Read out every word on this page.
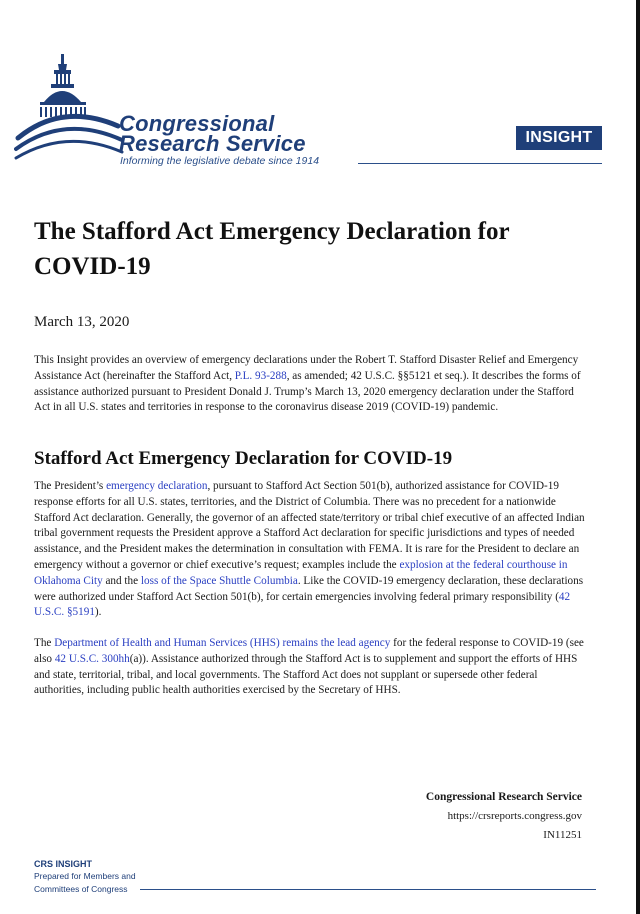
Congressional
Research Service
Informing the legislative debate since 1914
INSIGHT
The Stafford Act Emergency Declaration for COVID-19
March 13, 2020

This Insight provides an overview of emergency declarations under the Robert T. Stafford Disaster Relief and Emergency Assistance Act (hereinafter the Stafford Act, P.L. 93-288, as amended; 42 U.S.C. §§5121 et seq.). It describes the forms of assistance authorized pursuant to President Donald J. Trump’s March 13, 2020 emergency declaration under the Stafford Act in all U.S. states and territories in response to the coronavirus disease 2019 (COVID-19) pandemic.

Stafford Act Emergency Declaration for COVID-19

The President’s emergency declaration, pursuant to Stafford Act Section 501(b), authorized assistance for COVID-19 response efforts for all U.S. states, territories, and the District of Columbia. There was no precedent for a nationwide Stafford Act declaration. Generally, the governor of an affected state/territory or tribal chief executive of an affected Indian tribal government requests the President approve a Stafford Act declaration for specific jurisdictions and types of needed assistance, and the President makes the determination in consultation with FEMA. It is rare for the President to declare an emergency without a governor or chief executive’s request; examples include the explosion at the federal courthouse in Oklahoma City and the loss of the Space Shuttle Columbia. Like the COVID-19 emergency declaration, these declarations were authorized under Stafford Act Section 501(b), for certain emergencies involving federal primary responsibility (42 U.S.C. §5191).

The Department of Health and Human Services (HHS) remains the lead agency for the federal response to COVID-19 (see also 42 U.S.C. 300hh(a)). Assistance authorized through the Stafford Act is to supplement and support the efforts of HHS and state, territorial, tribal, and local governments. The Stafford Act does not supplant or supersede other federal authorities, including public health authorities exercised by the Secretary of HHS.

Congressional Research Service
https://crsreports.congress.gov
IN11251
CRS INSIGHT
Prepared for Members and
Committees of Congress
